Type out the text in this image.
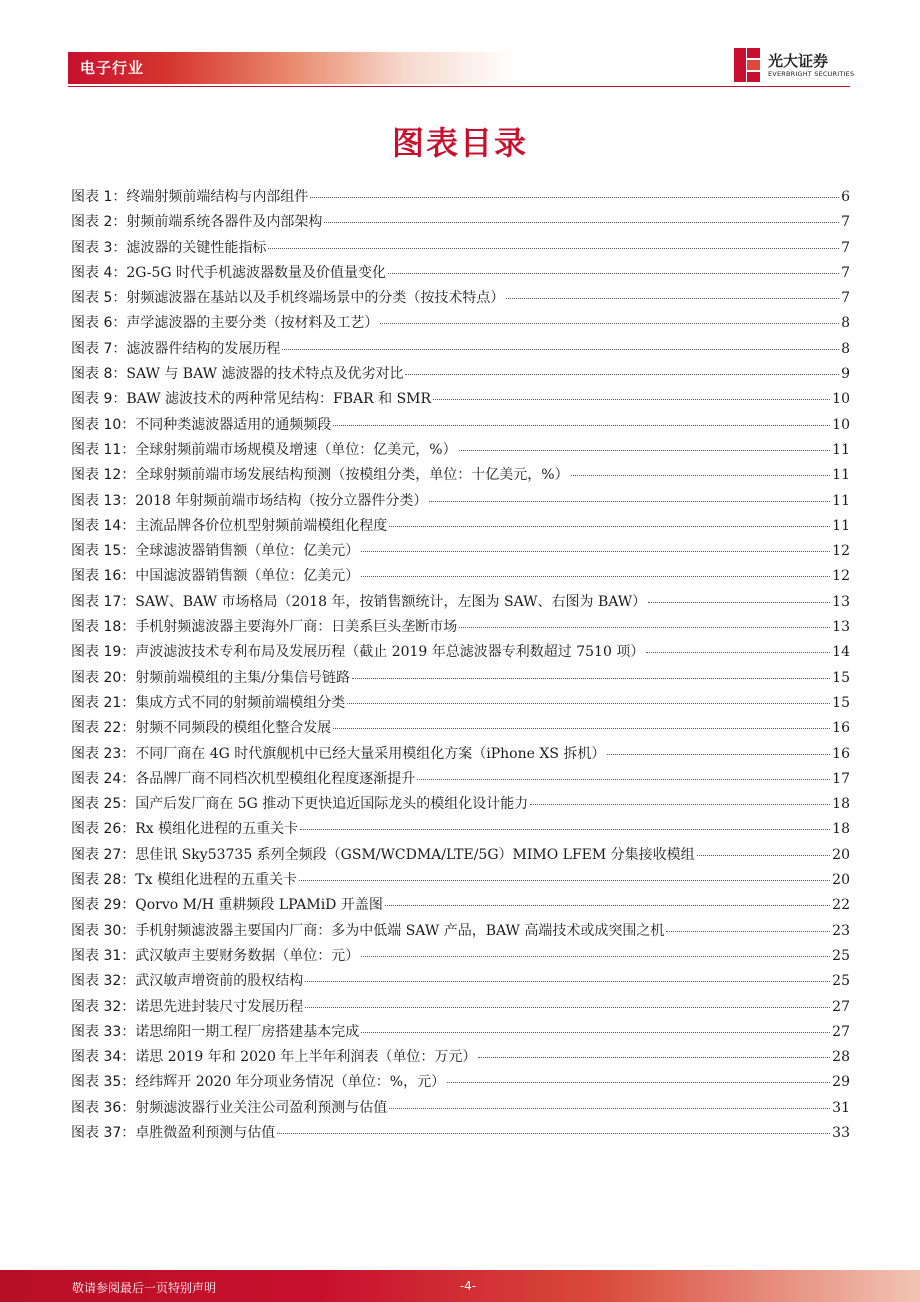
电子行业	光大证券
EVERBRIGHT SECURITIES
图表目录
图表 1： 终端射频前端结构与内部组件	6
图表 2： 射频前端系统各器件及内部架构	7
图表 3： 滤波器的关键性能指标	7
图表 4： 2G-5G 时代手机滤波器数量及价值量变化	7
图表 5： 射频滤波器在基站以及手机终端场景中的分类（按技术特点）	7
图表 6： 声学滤波器的主要分类（按材料及工艺）	8
图表 7： 滤波器件结构的发展历程	8
图表 8： SAW 与 BAW 滤波器的技术特点及优劣对比	9
图表 9： BAW 滤波技术的两种常见结构：FBAR 和 SMR	10
图表 10： 不同种类滤波器适用的通频频段	10
图表 11： 全球射频前端市场规模及增速（单位：亿美元，%）	11
图表 12： 全球射频前端市场发展结构预测（按模组分类，单位：十亿美元，%）	11
图表 13： 2018 年射频前端市场结构（按分立器件分类）	11
图表 14： 主流品牌各价位机型射频前端模组化程度	11
图表 15： 全球滤波器销售额（单位：亿美元）	12
图表 16： 中国滤波器销售额（单位：亿美元）	12
图表 17： SAW、BAW 市场格局（2018 年，按销售额统计，左图为 SAW、右图为 BAW）	13
图表 18： 手机射频滤波器主要海外厂商：日美系巨头垄断市场	13
图表 19： 声波滤波技术专利布局及发展历程（截止 2019 年总滤波器专利数超过 7510 项）	14
图表 20： 射频前端模组的主集/分集信号链路	15
图表 21： 集成方式不同的射频前端模组分类	15
图表 22： 射频不同频段的模组化整合发展	16
图表 23： 不同厂商在 4G 时代旗舰机中已经大量采用模组化方案（iPhone XS 拆机）	16
图表 24： 各品牌厂商不同档次机型模组化程度逐渐提升	17
图表 25： 国产后发厂商在 5G 推动下更快追近国际龙头的模组化设计能力	18
图表 26： Rx 模组化进程的五重关卡	18
图表 27： 思佳讯 Sky53735 系列全频段（GSM/WCDMA/LTE/5G）MIMO LFEM 分集接收模组	20
图表 28： Tx 模组化进程的五重关卡	20
图表 29： Qorvo M/H 重耕频段 LPAMiD 开盖图	22
图表 30： 手机射频滤波器主要国内厂商：多为中低端 SAW 产品，BAW 高端技术或成突围之机	23
图表 31： 武汉敏声主要财务数据（单位：元）	25
图表 32： 武汉敏声增资前的股权结构	25
图表 32： 诺思先进封装尺寸发展历程	27
图表 33： 诺思绵阳一期工程厂房搭建基本完成	27
图表 34： 诺思 2019 年和 2020 年上半年利润表（单位：万元）	28
图表 35： 经纬辉开 2020 年分项业务情况（单位：%，元）	29
图表 36： 射频滤波器行业关注公司盈利预测与估值	31
图表 37： 卓胜微盈利预测与估值	33
敬请参阅最后一页特别声明	-4-
